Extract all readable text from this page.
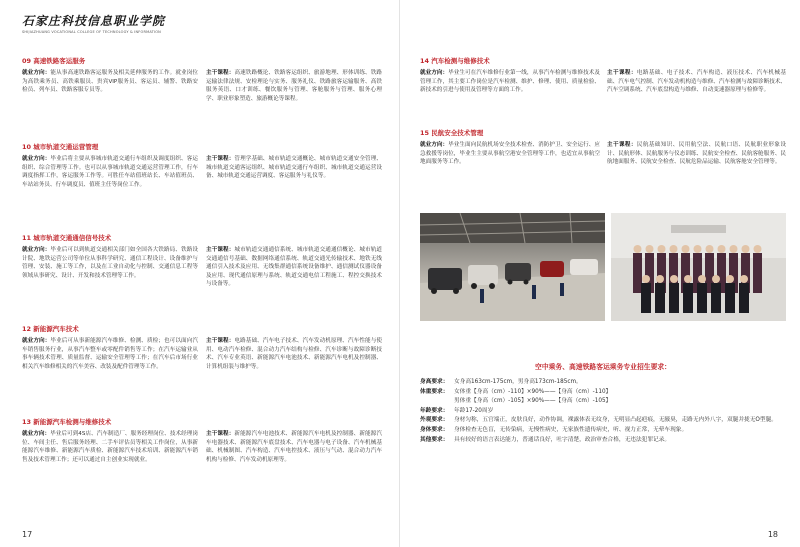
石家庄科技信息职业学院
SHIJIAZHUANG VOCATIONAL COLLEGE OF TECHNOLOGY & INFORMATION
09 高速铁路客运服务
就业方向：能从事高速铁路客运服务及相关延伸服务的工作。就业岗位为高铁乘务员、高铁乘服员、贵宾VIP服务员、客运员、辅警、铁路安检员、列车员、铁路客服专员等。
主干课程：高速铁路概论、铁路客运组织、旅游地理、形体训练、铁路运输法律法规、安检理论与实务、服务礼仪、铁路旅客运输服务、高铁服务英语、口才训练、餐饮服务与管理、客舱服务与管理、服务心理学、职业形象塑造、旅游概论等课程。
10 城市轨道交通运营管理
就业方向：毕业后将主要从事城市轨道交通行车组织及调度组织、客运组织、综合管理等工作。也可以从事城市轨道交通运营管理工作，行车调度指挥工作，客运服务工作等。可胜任车站值班站长、车站值班员、车站站务员、行车调度员、值班主任等岗位工作。
主干课程：管理学基础、城市轨道交通概论、城市轨道交通安全管理、城市轨道交通客运组织、城市轨道交通行车组织、城市轨道交通运营设备、城市轨道交通运营调度、客运服务与礼仪等。
11 城市轨道交通通信信号技术
就业方向：毕业后可以到轨道交通相关部门如全国各大铁路局、铁路设计院、地铁运营公司等单位从事科学研究、通信工程设计、设备维护与管理、安装、施工等工作，以及在工业自动化与控制、交通信息工程等领域从事研究、设计、开发和技术管理等工作。
主干课程：城市轨道交通通信系统、城市轨道交通通信概论、城市轨道交通通信号基础、数据网络通信系统、轨道交通光传输技术、地铁无线通信引入技术及应用、无线集群通信系统设备维护、通信测试仪器设备及应用、现代通信原理与系统、轨道交通电信工程施工、程控交换技术与设备等。
12 新能源汽车技术
就业方向：毕业后可从事新能源汽车维修、检测、质检；也可以面向汽车销售服务行业，从事汽车整车或零配件销售等工作；在汽车运输业从事车辆技术管理、质量监督、运输安全管理等工作；在汽车后市场行业相关汽车维修相关的汽车美容、改装及配件管理等工作。
主干课程：电路基础、汽车电子技术、汽车发动机原理、汽车性能与使用、电动汽车检修、混合动力汽车结构与检修、汽车诊断与故障诊断技术、汽车专业英语、新能源汽车电池技术、新能源汽车电机及控制器、计算机组装与维护等。
13 新能源汽车检测与维修技术
就业方向：毕业后可到4S店、汽车制造厂、服务经理岗位、技术经理岗位、车间主任、售后服务经理、二手车评估员等相关工作岗位，从事新能源汽车维修、新能源汽车质检、新能源汽车技术培训、新能源汽车销售及技术管理工作；还可以通过自主创业实现就业。
主干课程：新能源汽车电池技术、新能源汽车电机及控制器、新能源汽车电器技术、新能源汽车底盘技术、汽车电器与电子设备、汽车机械基础、机械制图、汽车构造、汽车电控技术、液压与气动、混合动力汽车机构与检修、汽车发动机原理等。
17	18
14 汽车检测与维修技术
就业方向：毕业生可在汽车维修行业第一线，从事汽车检测与维修技术及管理工作，其主要工作岗位是汽车检测、维护、修理、使用、质量检验、新技术的引进与使用及管理等方面的工作。
主干课程：电路基础、电子技术、汽车构造、液压技术、汽车机械基础、汽车电气控制、汽车发动机构造与维修、汽车检测与故障诊断技术、汽车空调系统、汽车底盘构造与维修、自动变速器原理与检修等。
15 民航安全技术管理
就业方向：毕业生面向民航机场安全技术检查、消防护卫、安全运行、应急救援等岗位，毕业生主要从事航空港安全管理等工作，也适宜从事航空地面服务等工作。
主干课程：民航基础知识、民用航空法、民航口语、民航职业形象设计、民航形体、民航服务与仪态训练、民航安全检查、民航客舱服务、民航地面服务、民航安全检查、民航危险品运输、民航客舱安全管理等。
空中乘务、高速铁路客运乘务专业招生要求：
身高要求： 女身高163cm-175cm，男身高173cm-185cm。
体重要求： 女体重【身高（cm）-110】×90%——【身高（cm）-110】
男体重【身高（cm）-105】×90%——【身高（cm）-105】
年龄要求： 年龄17-20周岁
外观要求： 身材匀称，五官端正，皮肤良好，动作协调，裸露体表无纹身，无明显凸起疤痕，无腋臭，走路无内外八字，双腿并拢无O型腿。
身体要求： 身体检查无色盲，无传染病，无慢性病史，无家族性遗传病史，听、视力正常，无晕车现象。
其他要求： 具有较好的语言表达能力，普通话良好，吐字清楚，政治审查合格，无违法犯罪记录。
